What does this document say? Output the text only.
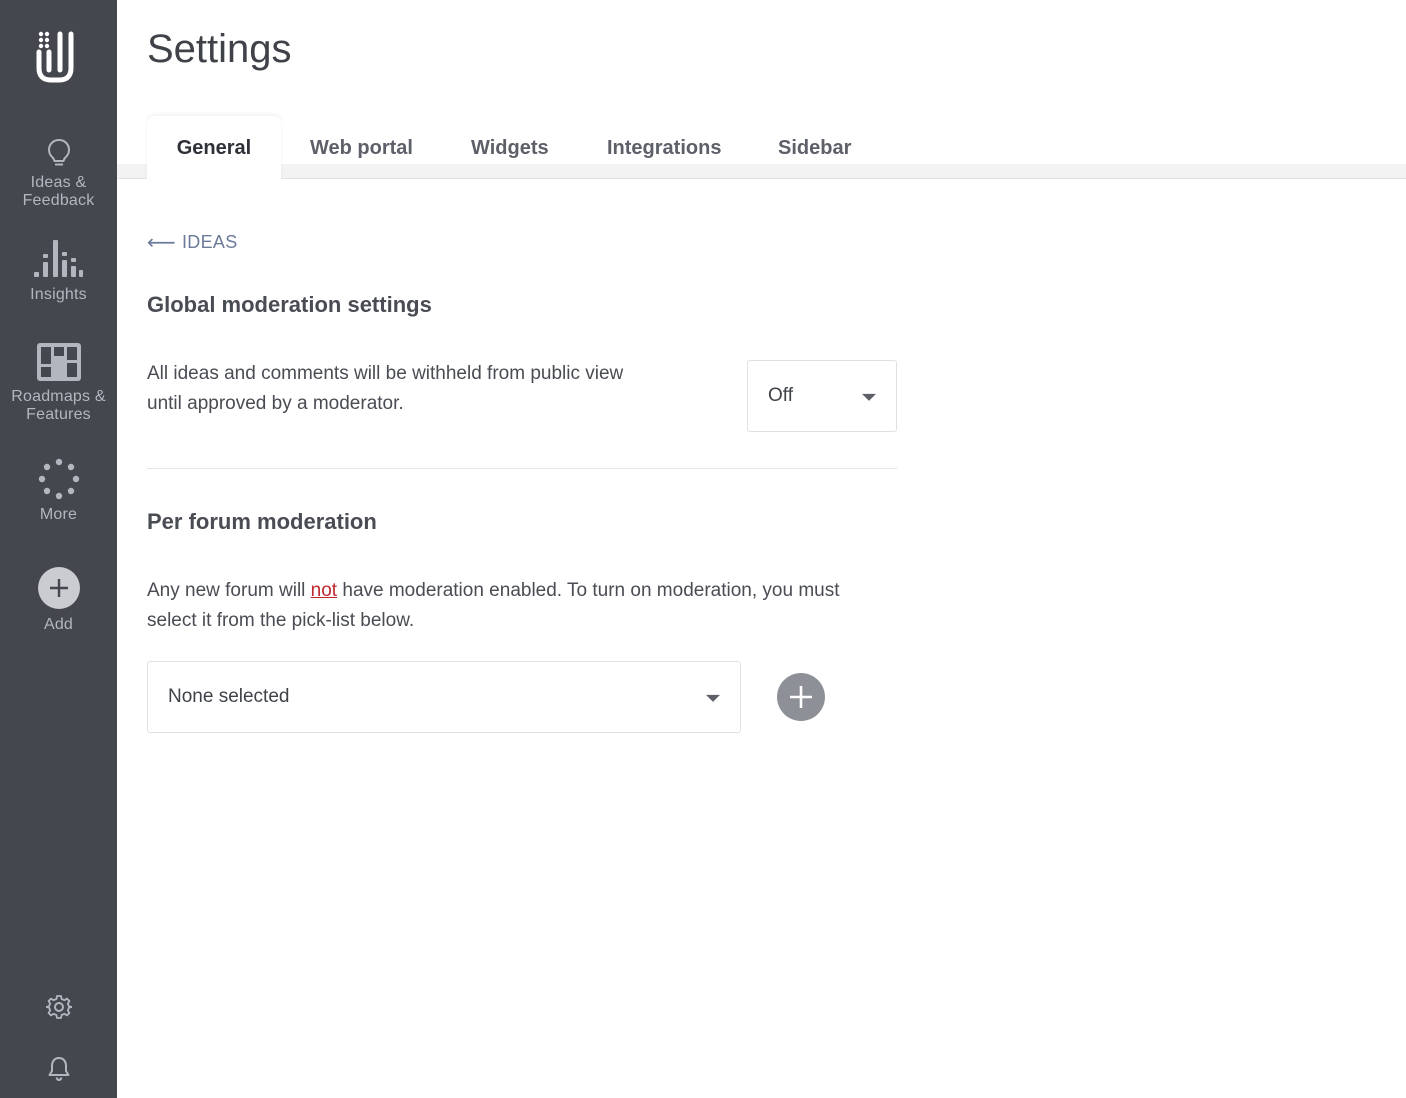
Ideas &
Feedback
Insights
Roadmaps &
Features
More
Add
Settings
General	Web portal	Widgets	Integrations	Sidebar
⟵ IDEAS
Global moderation settings
All ideas and comments will be withheld from public view until approved by a moderator.	Off
Per forum moderation
Any new forum will not have moderation enabled. To turn on moderation, you must select it from the pick-list below.
None selected
